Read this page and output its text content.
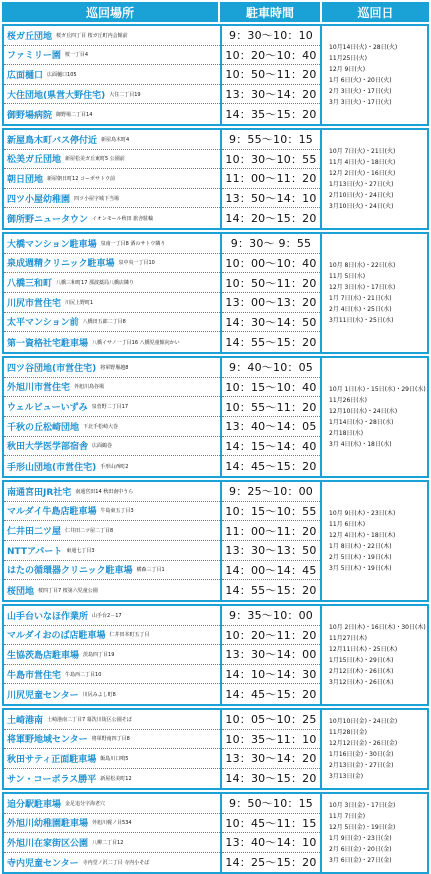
巡回場所	駐車時間	巡回日
桜ガ丘団地 桜ガ丘四丁目 桜ガ丘町内会館前
ファミリー園 桜一丁目4
広面樋口 広面樋口105
大住団地(県営大野住宅) 大住二丁目19
御野場病院 御野場二丁目14
9：30～10：10
10：20～10：40
10：50～11：20
13：30～14：20
14：35～15：20
10月14日(火)・28日(火)
11月25日(火)
12月 9日(火)
1月 6日(火)・20日(火)
2月 3日(火)・17日(火)
3月 3日(火)・17日(火)
新屋鳥木町バス停付近 新屋鳥木町4
松美ガ丘団地 新屋松美ガ丘東町5 公園前
朝日団地 新屋朝日町12 コーポサトウ前
四ツ小屋幼稚園 四ツ小屋字城下当場
御所野ニュータウン イオンモール秋田 旅舎駐輪
9：55～10：15
10：30～10：55
11：00～11：20
13：50～14：10
14：20～15：20
10月 7日(火)・21日(火)
11月 4日(火)・18日(火)
12月 2日(火)・16日(火)
1月13日(火)・27日(火)
2月10日(火)・24日(火)
3月10日(火)・24日(火)
大橋マンション駐車場 泉南一丁目8 酒のサトウ隣り
泉成週精クリニック駐車場 泉中央一丁目10
八橋三和町 八橋三和町17 那波薬局八橋店隣り
川尻市営住宅 川尻上野町1
太平マンション前 八橋田五郎二丁目8
第一資格社宅駐車場 八橋イサノ一丁目16 八橋児童館向かい
9：30～ 9：55
10：00～10：40
10：50～11：20
13：00～13：20
14：30～14：50
14：55～15：20
10月 8日(水)・22日(水)
11月 5日(水)
12月 3日(水)・17日(水)
1月 7日(水)・21日(水)
2月 4日(水)・25日(水)
3月11日(水)・25日(水)
四ツ谷団地(市営住宅) 将軍野堰越8
外旭川市営住宅 外旭川鳥谷場
ウェルビューいずみ 泉菅野二丁目17
千秋の丘松崎団地 下北手松崎大巻
秋田大学医学部宿舎 広面鶴巻
手形山団地(市営住宅) 手形山西町2
9：40～10：05
10：15～10：40
10：55～11：20
13：40～14：05
14：15～14：40
14：45～15：20
10月 1日(水)・15日(水)・29日(水)
11月26日(水)
12月10日(水)・24日(水)
1月14日(水)・28日(水)
2月18日(水)
3月 4日(水)・18日(水)
南通宮田JR社宅 南通宮田14 秋田南中うら
マルダイ牛島店駐車場 牛島東五丁目3
仁井田二ツ屋 仁井田二ツ屋二丁目8
NTTアパート 東通七丁目3
はたの循環器クリニック駐車場 横森三丁目1
桜団地 桜四丁目7 桜第六児童公園
9：25～10：00
10：15～10：55
11：00～11：20
13：30～13：50
14：00～14：45
14：55～15：20
10月 9日(木)・23日(木)
11月 6日(木)
12月 4日(木)・18日(木)
1月 8日(木)・22日(木)
2月 5日(木)・19日(木)
3月 5日(木)・19日(木)
山手台いなほ作業所 山手台2－17
マルダイおのば店駐車場 仁井田本町五丁目
生協茨島店駐車場 茨島四丁目19
牛島市営住宅 牛島西二丁目10
川尻児童センター 川尻みよし町8
9：35～10：00
10：20～11：20
13：30～14：00
14：10～14：30
14：45～15：20
10月 2日(木)・16日(木)・30日(木)
11月27日(木)
12月11日(木)・25日(木)
1月15日(木)・29日(木)
2月12日(木)・26日(木)
3月12日(木)・26日(木)
土崎港南 土崎港南二丁目7 幕洗川街区公園そば
将軍野地域センター 将軍野南四丁目8
秋田サティ正面駐車場 飯島川口鳴5
サン・コーポラス勝平 新屋松美町12
10：05～10：25
10：35～11：10
13：30～14：20
14：30～15：20
10月10日(金)・24日(金)
11月28日(金)
12月12日(金)・26日(金)
1月16日(金)・30日(金)
2月13日(金)・27日(金)
3月13日(金)
追分駅駐車場 金足追分字海老穴
外旭川幼稚園駐車場 外旭川梶ノ目534
外旭川在家街区公園 八柳二丁目12
寺内児童センター 寺内堂ノ沢二丁目 寺内小そば
9：50～10：15
10：45～11：15
13：40～14：10
14：25～15：20
10月 3日(金)・17日(金)
11月 7日(金)
12月 5日(金)・19日(金)
1月 9日(金)・23日(金)
2月 6日(金)・20日(金)
3月 6日(金)・27日(金)
